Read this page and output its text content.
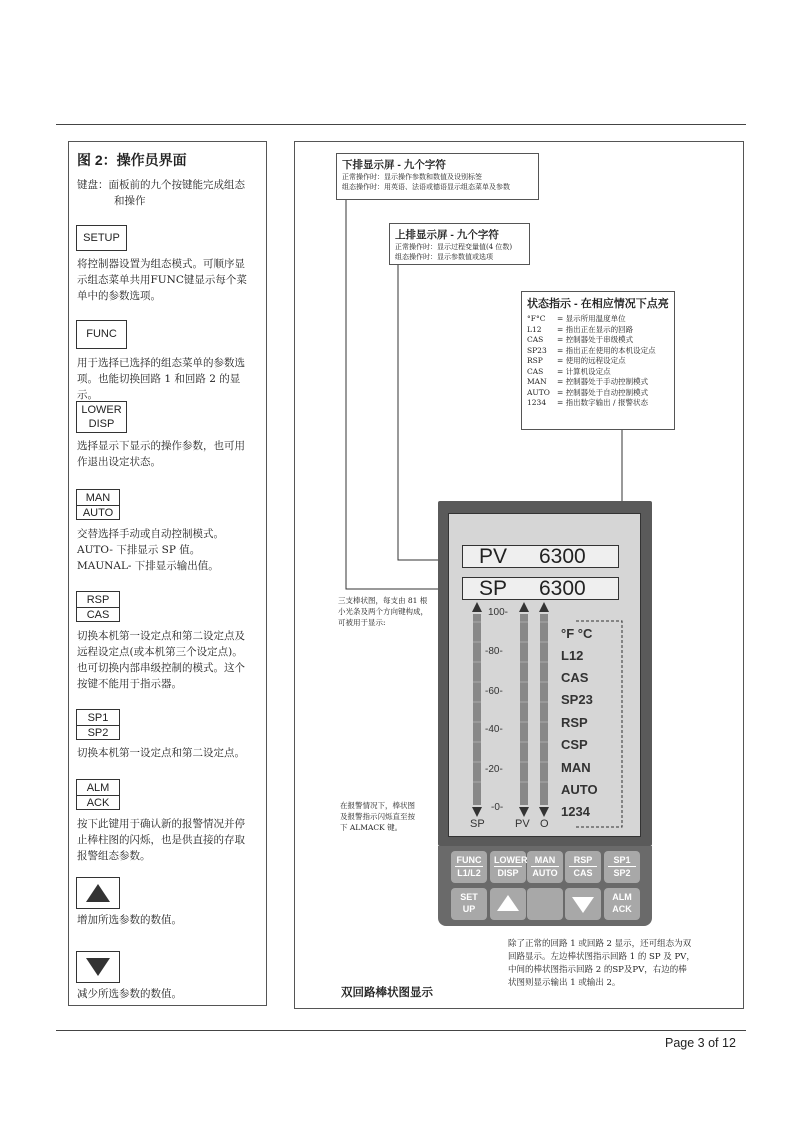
Page 3 of 12
图 2：操作员界面
键盘：面板前的九个按键能完成组态
和操作
SETUP
将控制器设置为组态模式。可顺序显
示组态菜单共用FUNC键显示每个菜
单中的参数选项。
FUNC
用于选择已选择的组态菜单的参数选
项。也能切换回路 1 和回路 2 的显示。
LOWER
DISP
选择显示下显示的操作参数，也可用
作退出设定状态。
MAN
AUTO
交替选择手动或自动控制模式。
AUTO- 下排显示 SP 值。
MAUNAL- 下排显示输出值。
RSP
CAS
切换本机第一设定点和第二设定点及
远程设定点(或本机第三个设定点)。
也可切换内部串级控制的模式。这个
按键不能用于指示器。
SP1
SP2
切换本机第一设定点和第二设定点。
ALM
ACK
按下此键用于确认新的报警情况并停
止棒柱图的闪烁，也是供直接的存取
报警组态参数。
增加所选参数的数值。
减少所选参数的数值。
下排显示屏 - 九个字符
正常操作时：显示操作参数和数值及设别标签
组态操作时：用英语、法语或德语显示组态菜单及参数
上排显示屏 - 九个字符
正常操作时：显示过程变量值(4 位数)
组态操作时：显示参数值或选项
状态指示 - 在相应情况下点亮
°F°C = 显示所用温度单位
L12 = 指出正在显示的回路
CAS = 控制器处于串级模式
SP23 = 指出正在使用的本机设定点
RSP = 使用的远程设定点
CAS = 计算机设定点
MAN = 控制器处于手动控制模式
AUTO = 控制器处于自动控制模式
1234 = 指出数字输出 / 报警状态
三支棒状图，每支由 81 根
小光条及两个方向键构成，
可被用于显示:
在报警情况下，棒状图
及报警指示闪烁直至按
下 ALMACK 键。
PV 6300
SP 6300
100-
-80-
-60-
-40-
-20-
-0-
SP	PV O
°F °C
L12
CAS
SP23
RSP
CSP
MAN
AUTO
1234
FUNC
L1/L2
LOWER
DISP
MAN
AUTO
RSP
CAS
SP1
SP2
SET
UP
ALM
ACK
除了正常的回路 1 或回路 2 显示，还可组态为双
回路显示。左边棒状图指示回路 1 的 SP 及 PV，
中间的棒状图指示回路 2 的SP及PV，右边的棒
状图则显示输出 1 或输出 2。
双回路棒状图显示
